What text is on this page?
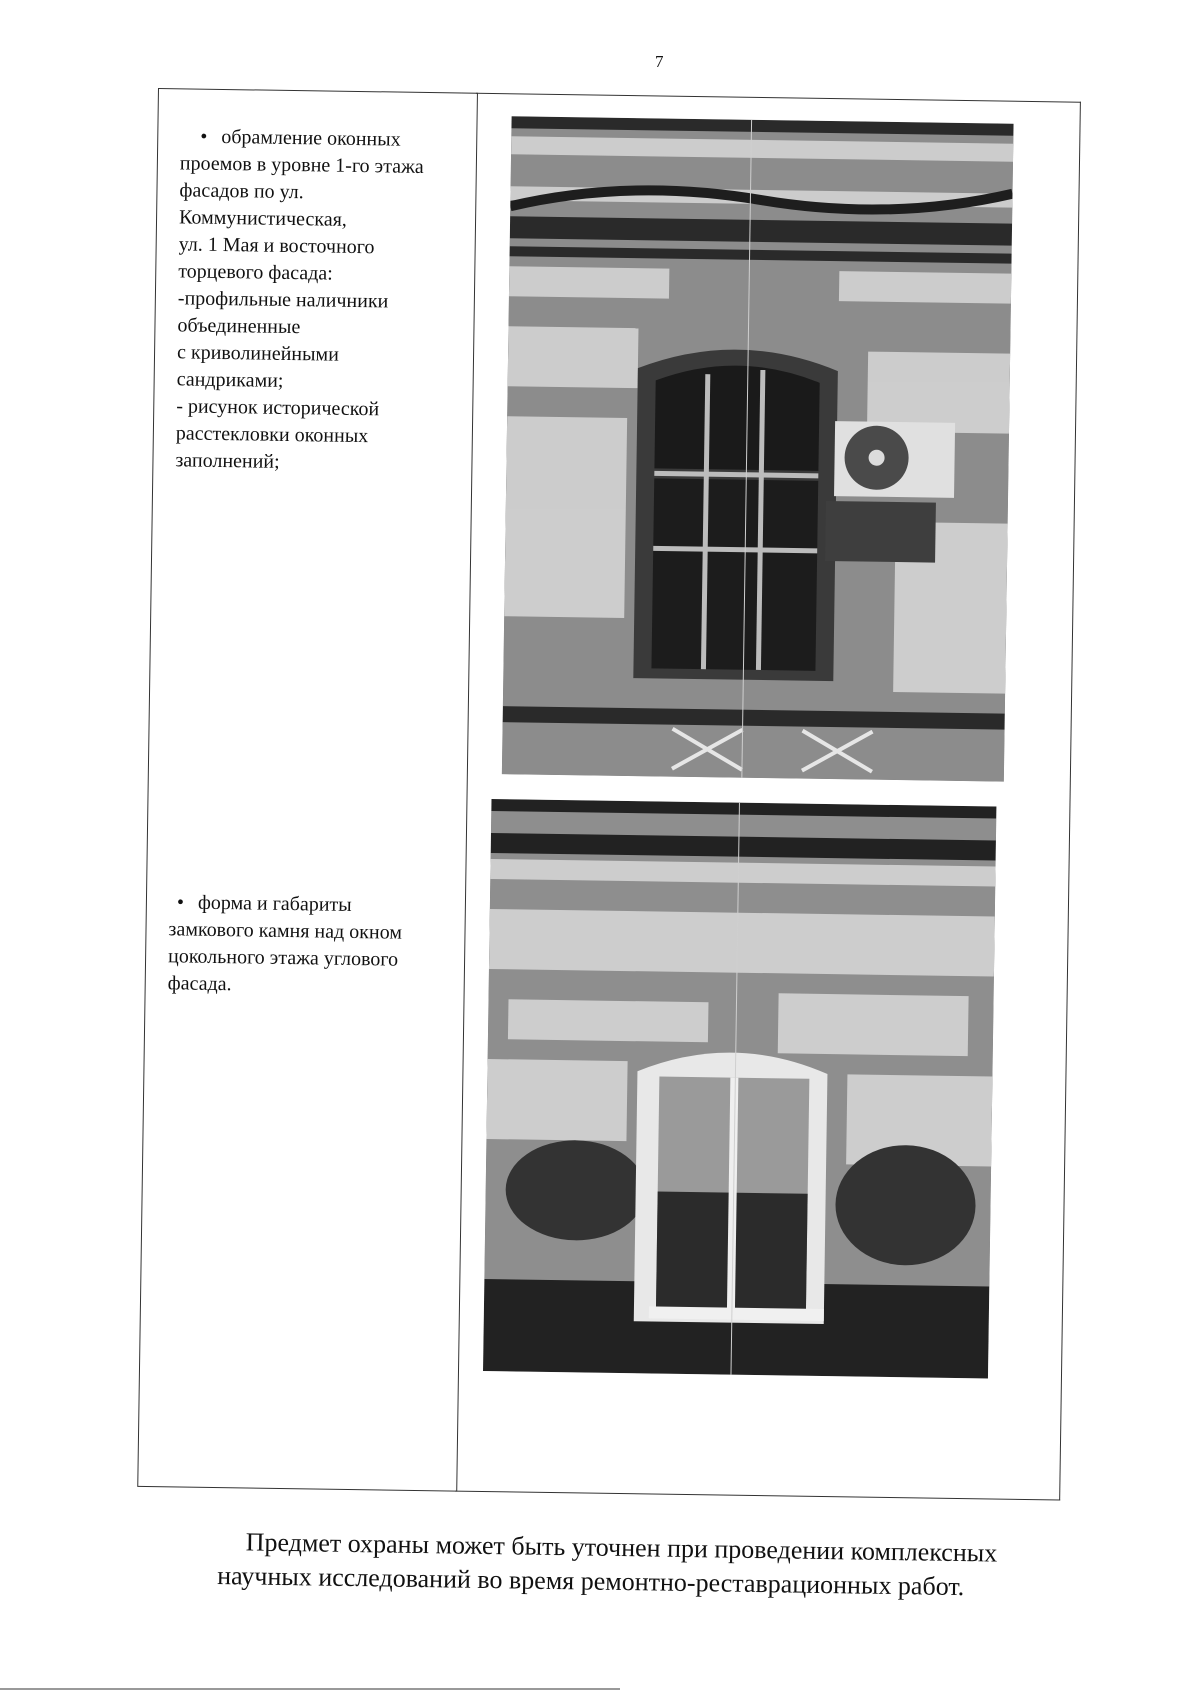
7

• обрамление оконных

проемов в уровне 1-го этажа

фасадов по ул.

Коммунистическая,

ул. 1 Мая и восточного

торцевого фасада:

-профильные наличники

объединенные

с криволинейными

сандриками;

- рисунок исторической

расстекловки оконных

заполнений;

• форма и габариты

замкового камня над окном

цокольного этажа углового

фасада.

Предмет охраны может быть уточнен при проведении комплексных

научных исследований во время ремонтно-реставрационных работ.
